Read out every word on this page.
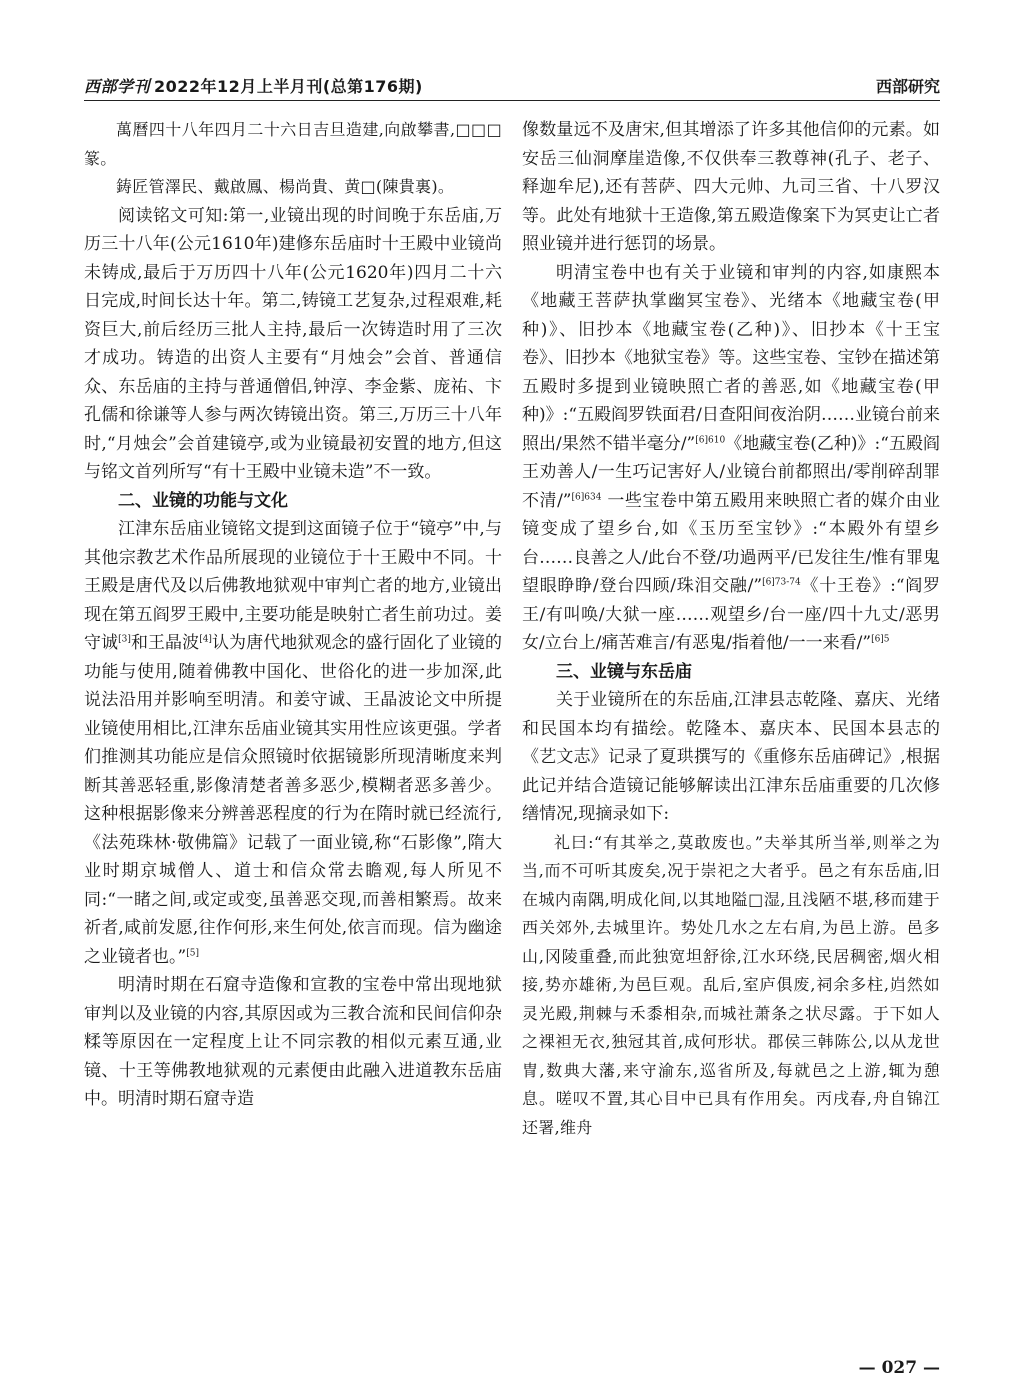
西部学刊 2022年12月上半月刊(总第176期)	西部研究

萬曆四十八年四月二十六日吉旦造建,向啟攀書,□□□篆。

鋳匠管澤民、戴啟鳳、楊尚貴、黄□(陳貴裏)。

阅读铭文可知:第一,业镜出现的时间晚于东岳庙,万历三十八年(公元1610年)建修东岳庙时十王殿中业镜尚未铸成,最后于万历四十八年(公元1620年)四月二十六日完成,时间长达十年。第二,铸镜工艺复杂,过程艰难,耗资巨大,前后经历三批人主持,最后一次铸造时用了三次才成功。铸造的出资人主要有“月烛会”会首、普通信众、东岳庙的主持与普通僧侣,钟淳、李金紫、庞祐、卞孔儒和徐谦等人参与两次铸镜出资。第三,万历三十八年时,“月烛会”会首建镜亭,或为业镜最初安置的地方,但这与铭文首列所写“有十王殿中业镜未造”不一致。

二、业镜的功能与文化

江津东岳庙业镜铭文提到这面镜子位于“镜亭”中,与其他宗教艺术作品所展现的业镜位于十王殿中不同。十王殿是唐代及以后佛教地狱观中审判亡者的地方,业镜出现在第五阎罗王殿中,主要功能是映射亡者生前功过。姜守诚[3]和王晶波[4]认为唐代地狱观念的盛行固化了业镜的功能与使用,随着佛教中国化、世俗化的进一步加深,此说法沿用并影响至明清。和姜守诚、王晶波论文中所提业镜使用相比,江津东岳庙业镜其实用性应该更强。学者们推测其功能应是信众照镜时依据镜影所现清晰度来判断其善恶轻重,影像清楚者善多恶少,模糊者恶多善少。这种根据影像来分辨善恶程度的行为在隋时就已经流行,《法苑珠林·敬佛篇》记载了一面业镜,称“石影像”,隋大业时期京城僧人、道士和信众常去瞻观,每人所见不同:“一睹之间,或定或变,虽善恶交现,而善相繁焉。故来祈者,咸前发愿,往作何形,来生何处,依言而现。信为幽途之业镜者也。”[5]

明清时期在石窟寺造像和宣教的宝卷中常出现地狱审判以及业镜的内容,其原因或为三教合流和民间信仰杂糅等原因在一定程度上让不同宗教的相似元素互通,业镜、十王等佛教地狱观的元素便由此融入进道教东岳庙中。明清时期石窟寺造

像数量远不及唐宋,但其增添了许多其他信仰的元素。如安岳三仙洞摩崖造像,不仅供奉三教尊神(孔子、老子、释迦牟尼),还有菩萨、四大元帅、九司三省、十八罗汉等。此处有地狱十王造像,第五殿造像案下为冥吏让亡者照业镜并进行惩罚的场景。

明清宝卷中也有关于业镜和审判的内容,如康熙本《地藏王菩萨执掌幽冥宝卷》、光绪本《地藏宝卷(甲种)》、旧抄本《地藏宝卷(乙种)》、旧抄本《十王宝卷》、旧抄本《地狱宝卷》等。这些宝卷、宝钞在描述第五殿时多提到业镜映照亡者的善恶,如《地藏宝卷(甲种)》:“五殿阎罗铁面君/日查阳间夜治阴……业镜台前来照出/果然不错半毫分/”$^{[6]610}$《地藏宝卷(乙种)》:“五殿阎王劝善人/一生巧记害好人/业镜台前都照出/零削碎刮罪不清/”$^{[6]634}$ 一些宝卷中第五殿用来映照亡者的媒介由业镜变成了望乡台,如《玉历至宝钞》:“本殿外有望乡台……良善之人/此台不登/功過两平/已发往生/惟有罪鬼望眼睁睁/登台四顾/珠泪交融/”$^{[6]73-74}$《十王卷》:“阎罗王/有叫唤/大狱一座……观望乡/台一座/四十九丈/恶男女/立台上/痛苦难言/有恶鬼/指着他/一一来看/”$^{[6]5}$

三、业镜与东岳庙

关于业镜所在的东岳庙,江津县志乾隆、嘉庆、光绪和民国本均有描绘。乾隆本、嘉庆本、民国本县志的《艺文志》记录了夏珙撰写的《重修东岳庙碑记》,根据此记并结合造镜记能够解读出江津东岳庙重要的几次修缮情况,现摘录如下:

礼曰:“有其举之,莫敢废也。”夫举其所当举,则举之为当,而不可听其废矣,况于崇祀之大者乎。邑之有东岳庙,旧在城内南隅,明成化间,以其地隘□湿,且浅陋不堪,移而建于西关郊外,去城里许。势处几水之左右肩,为邑上游。邑多山,冈陵重叠,而此独宽坦舒徐,江水环绕,民居稠密,烟火相接,势亦雄術,为邑巨观。乱后,室庐俱废,祠余多柱,岿然如灵光殿,荆棘与禾黍相杂,而城社萧条之状尽露。于下如人之裸袒无衣,独冠其首,成何形状。郡侯三韩陈公,以从龙世冑,数典大藩,来守渝东,巡省所及,每就邑之上游,辄为憩息。嗟叹不置,其心目中已具有作用矣。丙戌春,舟自锦江还署,维舟

— 027 —
